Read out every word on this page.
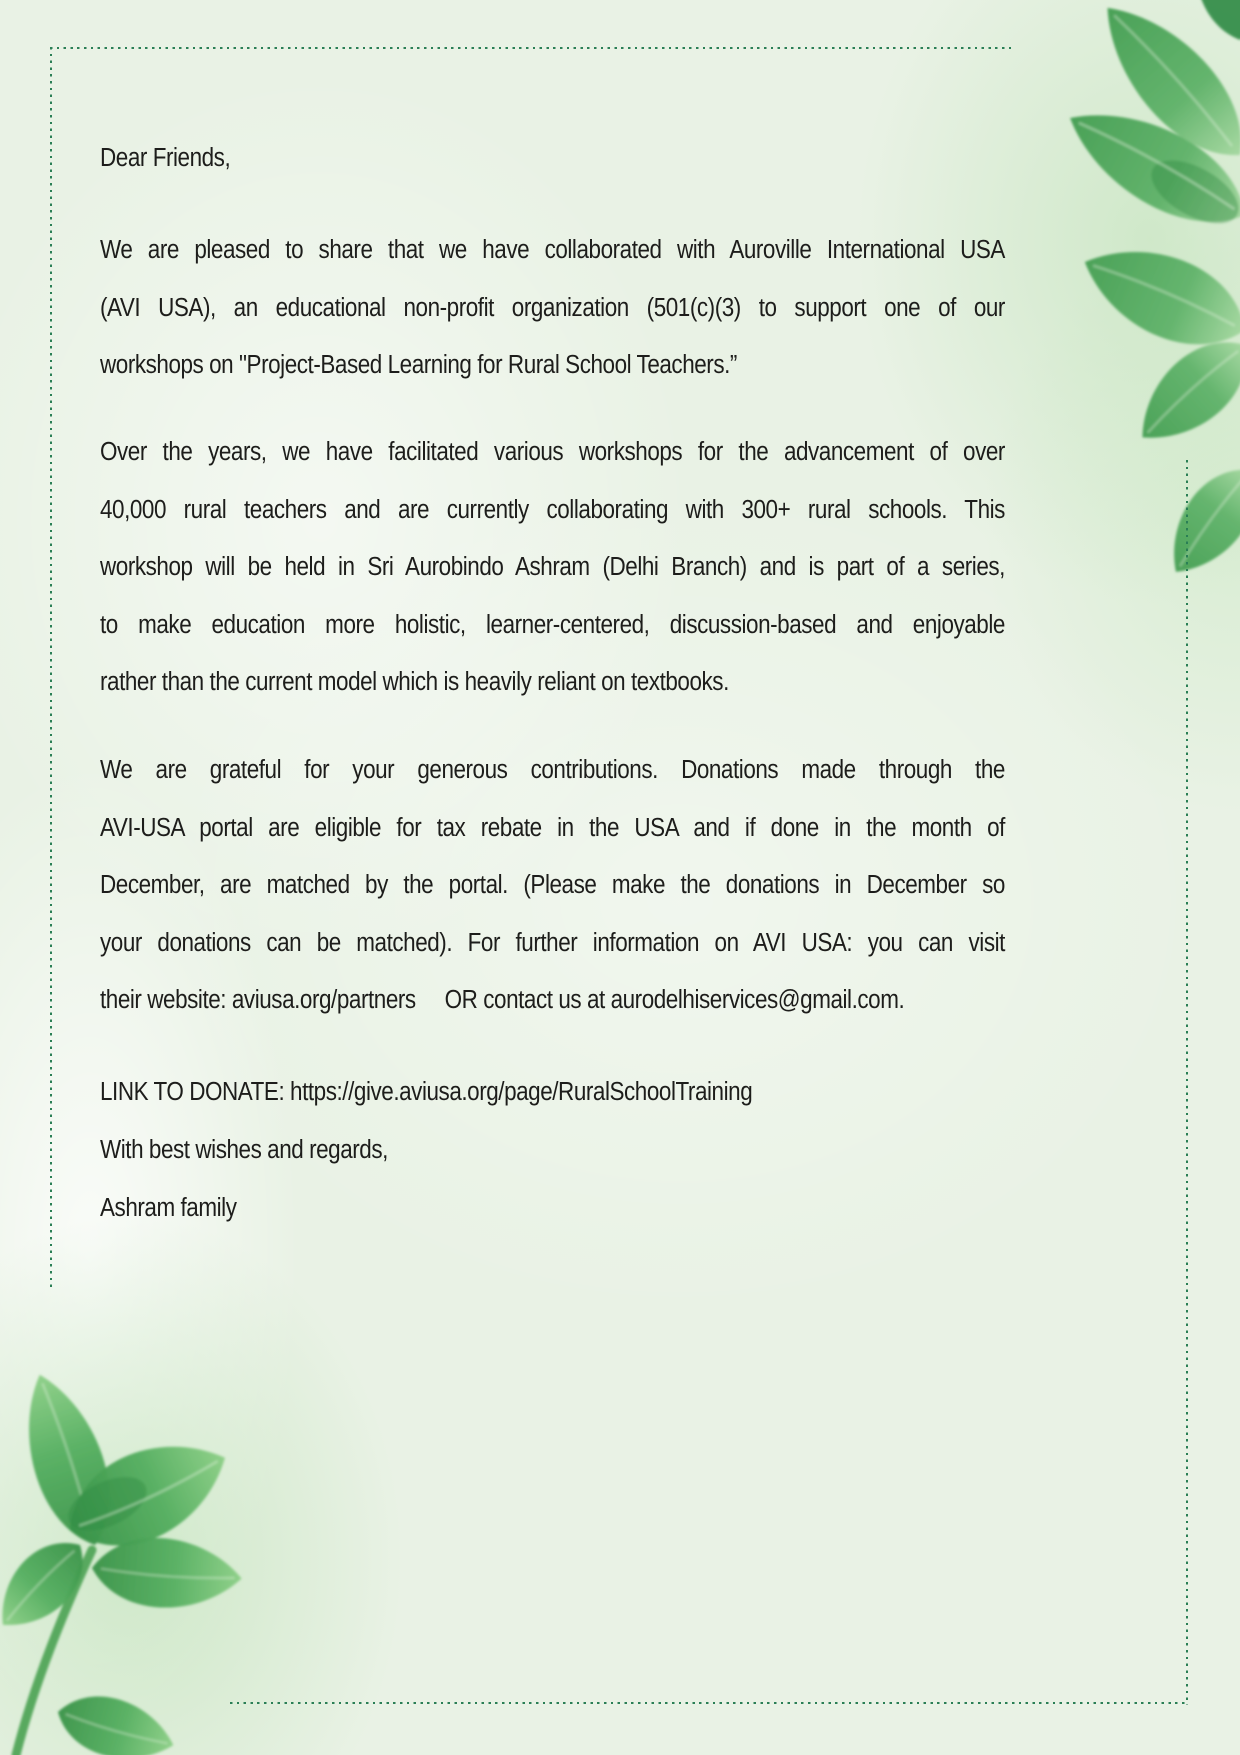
Dear Friends,
We are pleased to share that we have collaborated with Auroville International USA
(AVI USA), an educational non-profit organization (501(c)(3) to support one of our
workshops on "Project-Based Learning for Rural School Teachers.”
Over the years, we have facilitated various workshops for the advancement of over
40,000 rural teachers and are currently collaborating with 300+ rural schools. This
workshop will be held in Sri Aurobindo Ashram (Delhi Branch) and is part of a series,
to make education more holistic, learner-centered, discussion-based and enjoyable
rather than the current model which is heavily reliant on textbooks.
We are grateful for your generous contributions. Donations made through the
AVI-USA portal are eligible for tax rebate in the USA and if done in the month of
December, are matched by the portal. (Please make the donations in December so
your donations can be matched). For further information on AVI USA: you can visit
their website: aviusa.org/partners     OR contact us at aurodelhiservices@gmail.com.
LINK TO DONATE: https://give.aviusa.org/page/RuralSchoolTraining
With best wishes and regards,
Ashram family
